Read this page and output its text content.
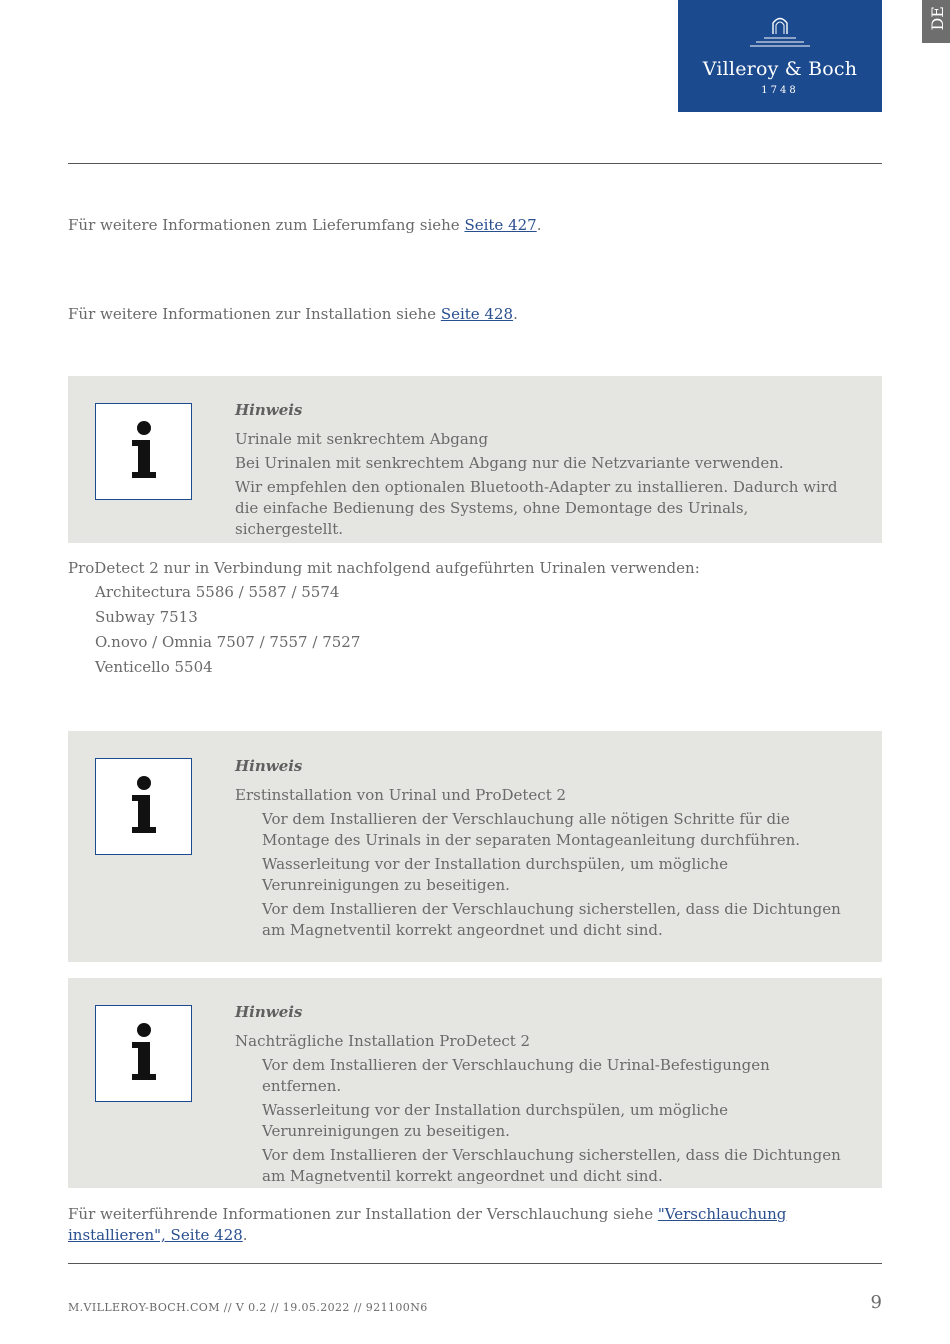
Villeroy & Boch
1748
DE
Für weitere Informationen zum Lieferumfang siehe Seite 427.
Für weitere Informationen zur Installation siehe Seite 428.
Hinweis
Urinale mit senkrechtem Abgang
Bei Urinalen mit senkrechtem Abgang nur die Netzvariante verwenden.
Wir empfehlen den optionalen Bluetooth-Adapter zu installieren. Dadurch wird die einfache Bedienung des Systems, ohne Demontage des Urinals, sichergestellt.
ProDetect 2 nur in Verbindung mit nachfolgend aufgeführten Urinalen verwenden:
Architectura 5586 / 5587 / 5574
Subway 7513
O.novo / Omnia 7507 / 7557 / 7527
Venticello 5504
Hinweis
Erstinstallation von Urinal und ProDetect 2
Vor dem Installieren der Verschlauchung alle nötigen Schritte für die Montage des Urinals in der separaten Montageanleitung durchführen.
Wasserleitung vor der Installation durchspülen, um mögliche Verunreinigungen zu beseitigen.
Vor dem Installieren der Verschlauchung sicherstellen, dass die Dichtungen am Magnetventil korrekt angeordnet und dicht sind.
Hinweis
Nachträgliche Installation ProDetect 2
Vor dem Installieren der Verschlauchung die Urinal-Befestigungen entfernen.
Wasserleitung vor der Installation durchspülen, um mögliche Verunreinigungen zu beseitigen.
Vor dem Installieren der Verschlauchung sicherstellen, dass die Dichtungen am Magnetventil korrekt angeordnet und dicht sind.
Für weiterführende Informationen zur Installation der Verschlauchung siehe "Verschlauchung installieren", Seite 428.
M.VILLEROY-BOCH.COM // V 0.2 // 19.05.2022 // 921100N6	9
